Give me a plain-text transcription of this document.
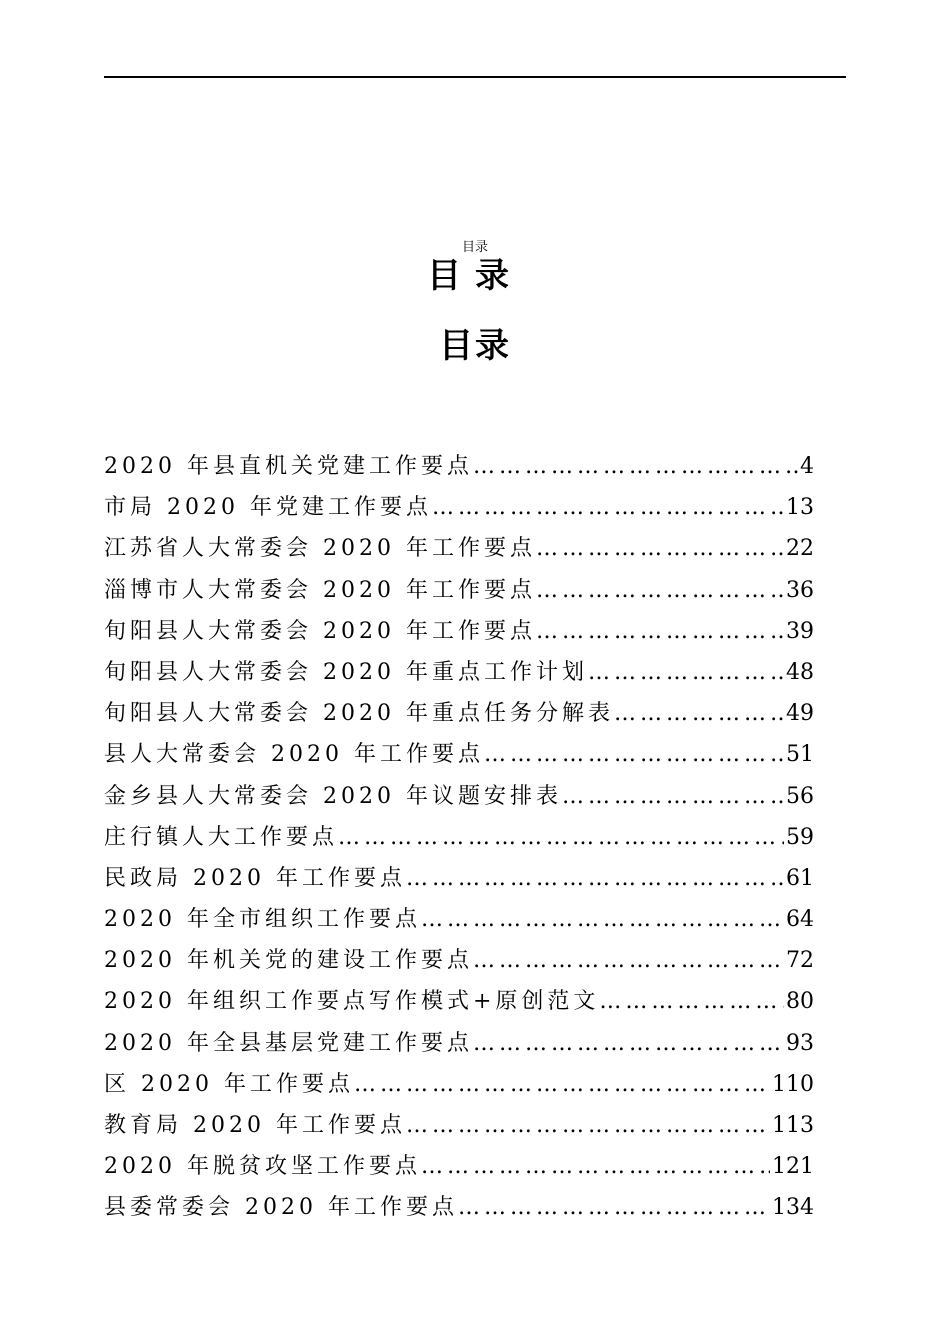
目录
目录
目录
2020 年县直机关党建工作要点 …………………………………………………………………………………………	4
市局 2020 年党建工作要点 …………………………………………………………………………………………	13
江苏省人大常委会 2020 年工作要点 …………………………………………………………………………………………	22
淄博市人大常委会 2020 年工作要点 …………………………………………………………………………………………	36
旬阳县人大常委会 2020 年工作要点 …………………………………………………………………………………………	39
旬阳县人大常委会 2020 年重点工作计划 …………………………………………………………………………………………	48
旬阳县人大常委会 2020 年重点任务分解表 …………………………………………………………………………………………	49
县人大常委会 2020 年工作要点 …………………………………………………………………………………………	51
金乡县人大常委会 2020 年议题安排表 …………………………………………………………………………………………	56
庄行镇人大工作要点 …………………………………………………………………………………………	59
民政局 2020 年工作要点 …………………………………………………………………………………………	61
2020 年全市组织工作要点 …………………………………………………………………………………………	64
2020 年机关党的建设工作要点 …………………………………………………………………………………………	72
2020 年组织工作要点写作模式+原创范文 …………………………………………………………………………………………	80
2020 年全县基层党建工作要点 …………………………………………………………………………………………	93
区 2020 年工作要点 …………………………………………………………………………………………	110
教育局 2020 年工作要点 …………………………………………………………………………………………	113
2020 年脱贫攻坚工作要点 …………………………………………………………………………………………	121
县委常委会 2020 年工作要点 …………………………………………………………………………………………	134
